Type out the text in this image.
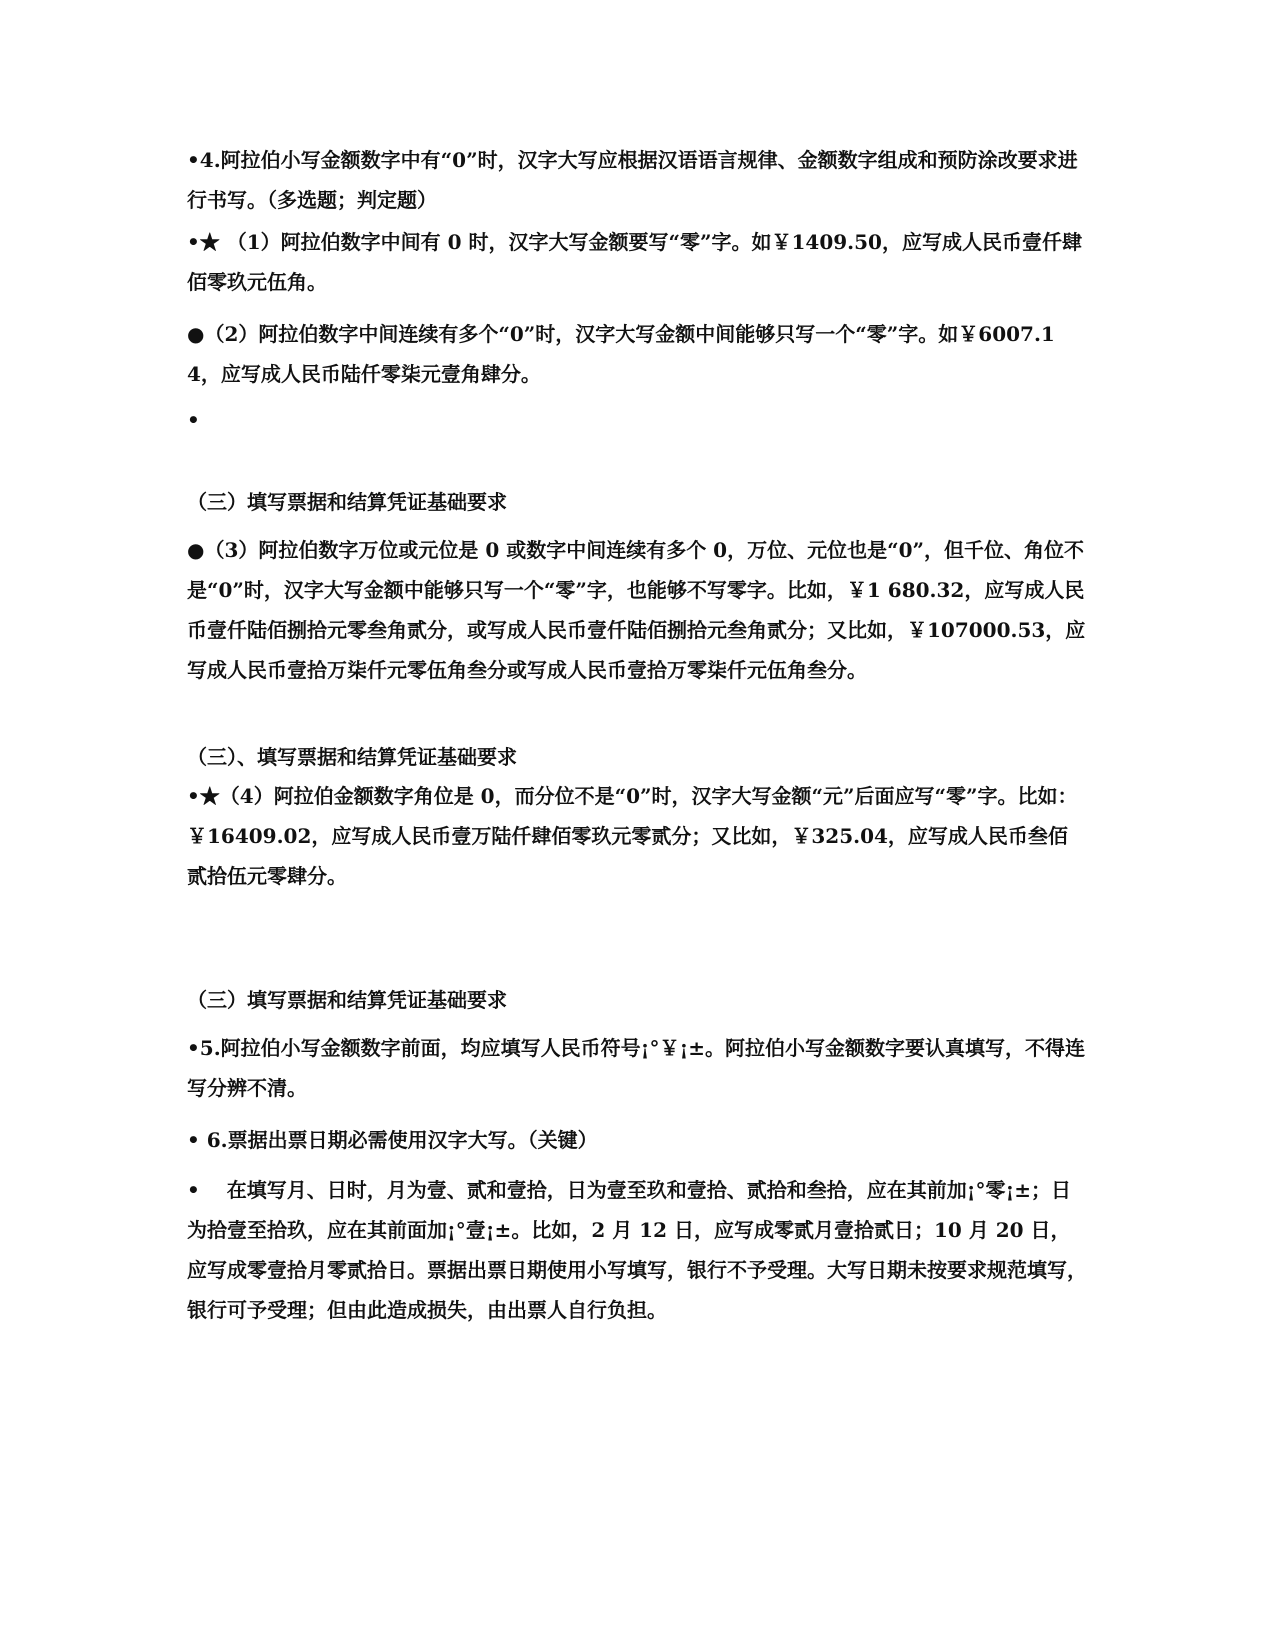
•4.阿拉伯小写金额数字中有“0”时，汉字大写应根据汉语语言规律、金额数字组成和预防涂改要求进行书写。（多选题；判定题）
•★ （1）阿拉伯数字中间有 0 时，汉字大写金额要写“零”字。如￥1409.50，应写成人民币壹仟肆佰零玖元伍角。
●（2）阿拉伯数字中间连续有多个“0”时，汉字大写金额中间能够只写一个“零”字。如￥6007.14，应写成人民币陆仟零柒元壹角肆分。
•
（三）填写票据和结算凭证基础要求
●（3）阿拉伯数字万位或元位是 0 或数字中间连续有多个 0，万位、元位也是“0”，但千位、角位不是“0”时，汉字大写金额中能够只写一个“零”字，也能够不写零字。比如，￥1 680.32，应写成人民币壹仟陆佰捌拾元零叁角贰分，或写成人民币壹仟陆佰捌拾元叁角贰分；又比如，￥107000.53，应写成人民币壹拾万柒仟元零伍角叁分或写成人民币壹拾万零柒仟元伍角叁分。
（三）、填写票据和结算凭证基础要求
•★（4）阿拉伯金额数字角位是 0，而分位不是“0”时，汉字大写金额“元”后面应写“零”字。比如：￥16409.02，应写成人民币壹万陆仟肆佰零玖元零贰分；又比如，￥325.04，应写成人民币叁佰贰拾伍元零肆分。
（三）填写票据和结算凭证基础要求
•5.阿拉伯小写金额数字前面，均应填写人民币符号¡°￥¡±。阿拉伯小写金额数字要认真填写，不得连写分辨不清。
• 6.票据出票日期必需使用汉字大写。（关键）
•　 在填写月、日时，月为壹、贰和壹拾，日为壹至玖和壹拾、贰拾和叁拾，应在其前加¡°零¡±；日为拾壹至拾玖，应在其前面加¡°壹¡±。比如，2 月 12 日，应写成零贰月壹拾贰日；10 月 20 日，应写成零壹拾月零贰拾日。票据出票日期使用小写填写，银行不予受理。大写日期未按要求规范填写，银行可予受理；但由此造成损失，由出票人自行负担。
